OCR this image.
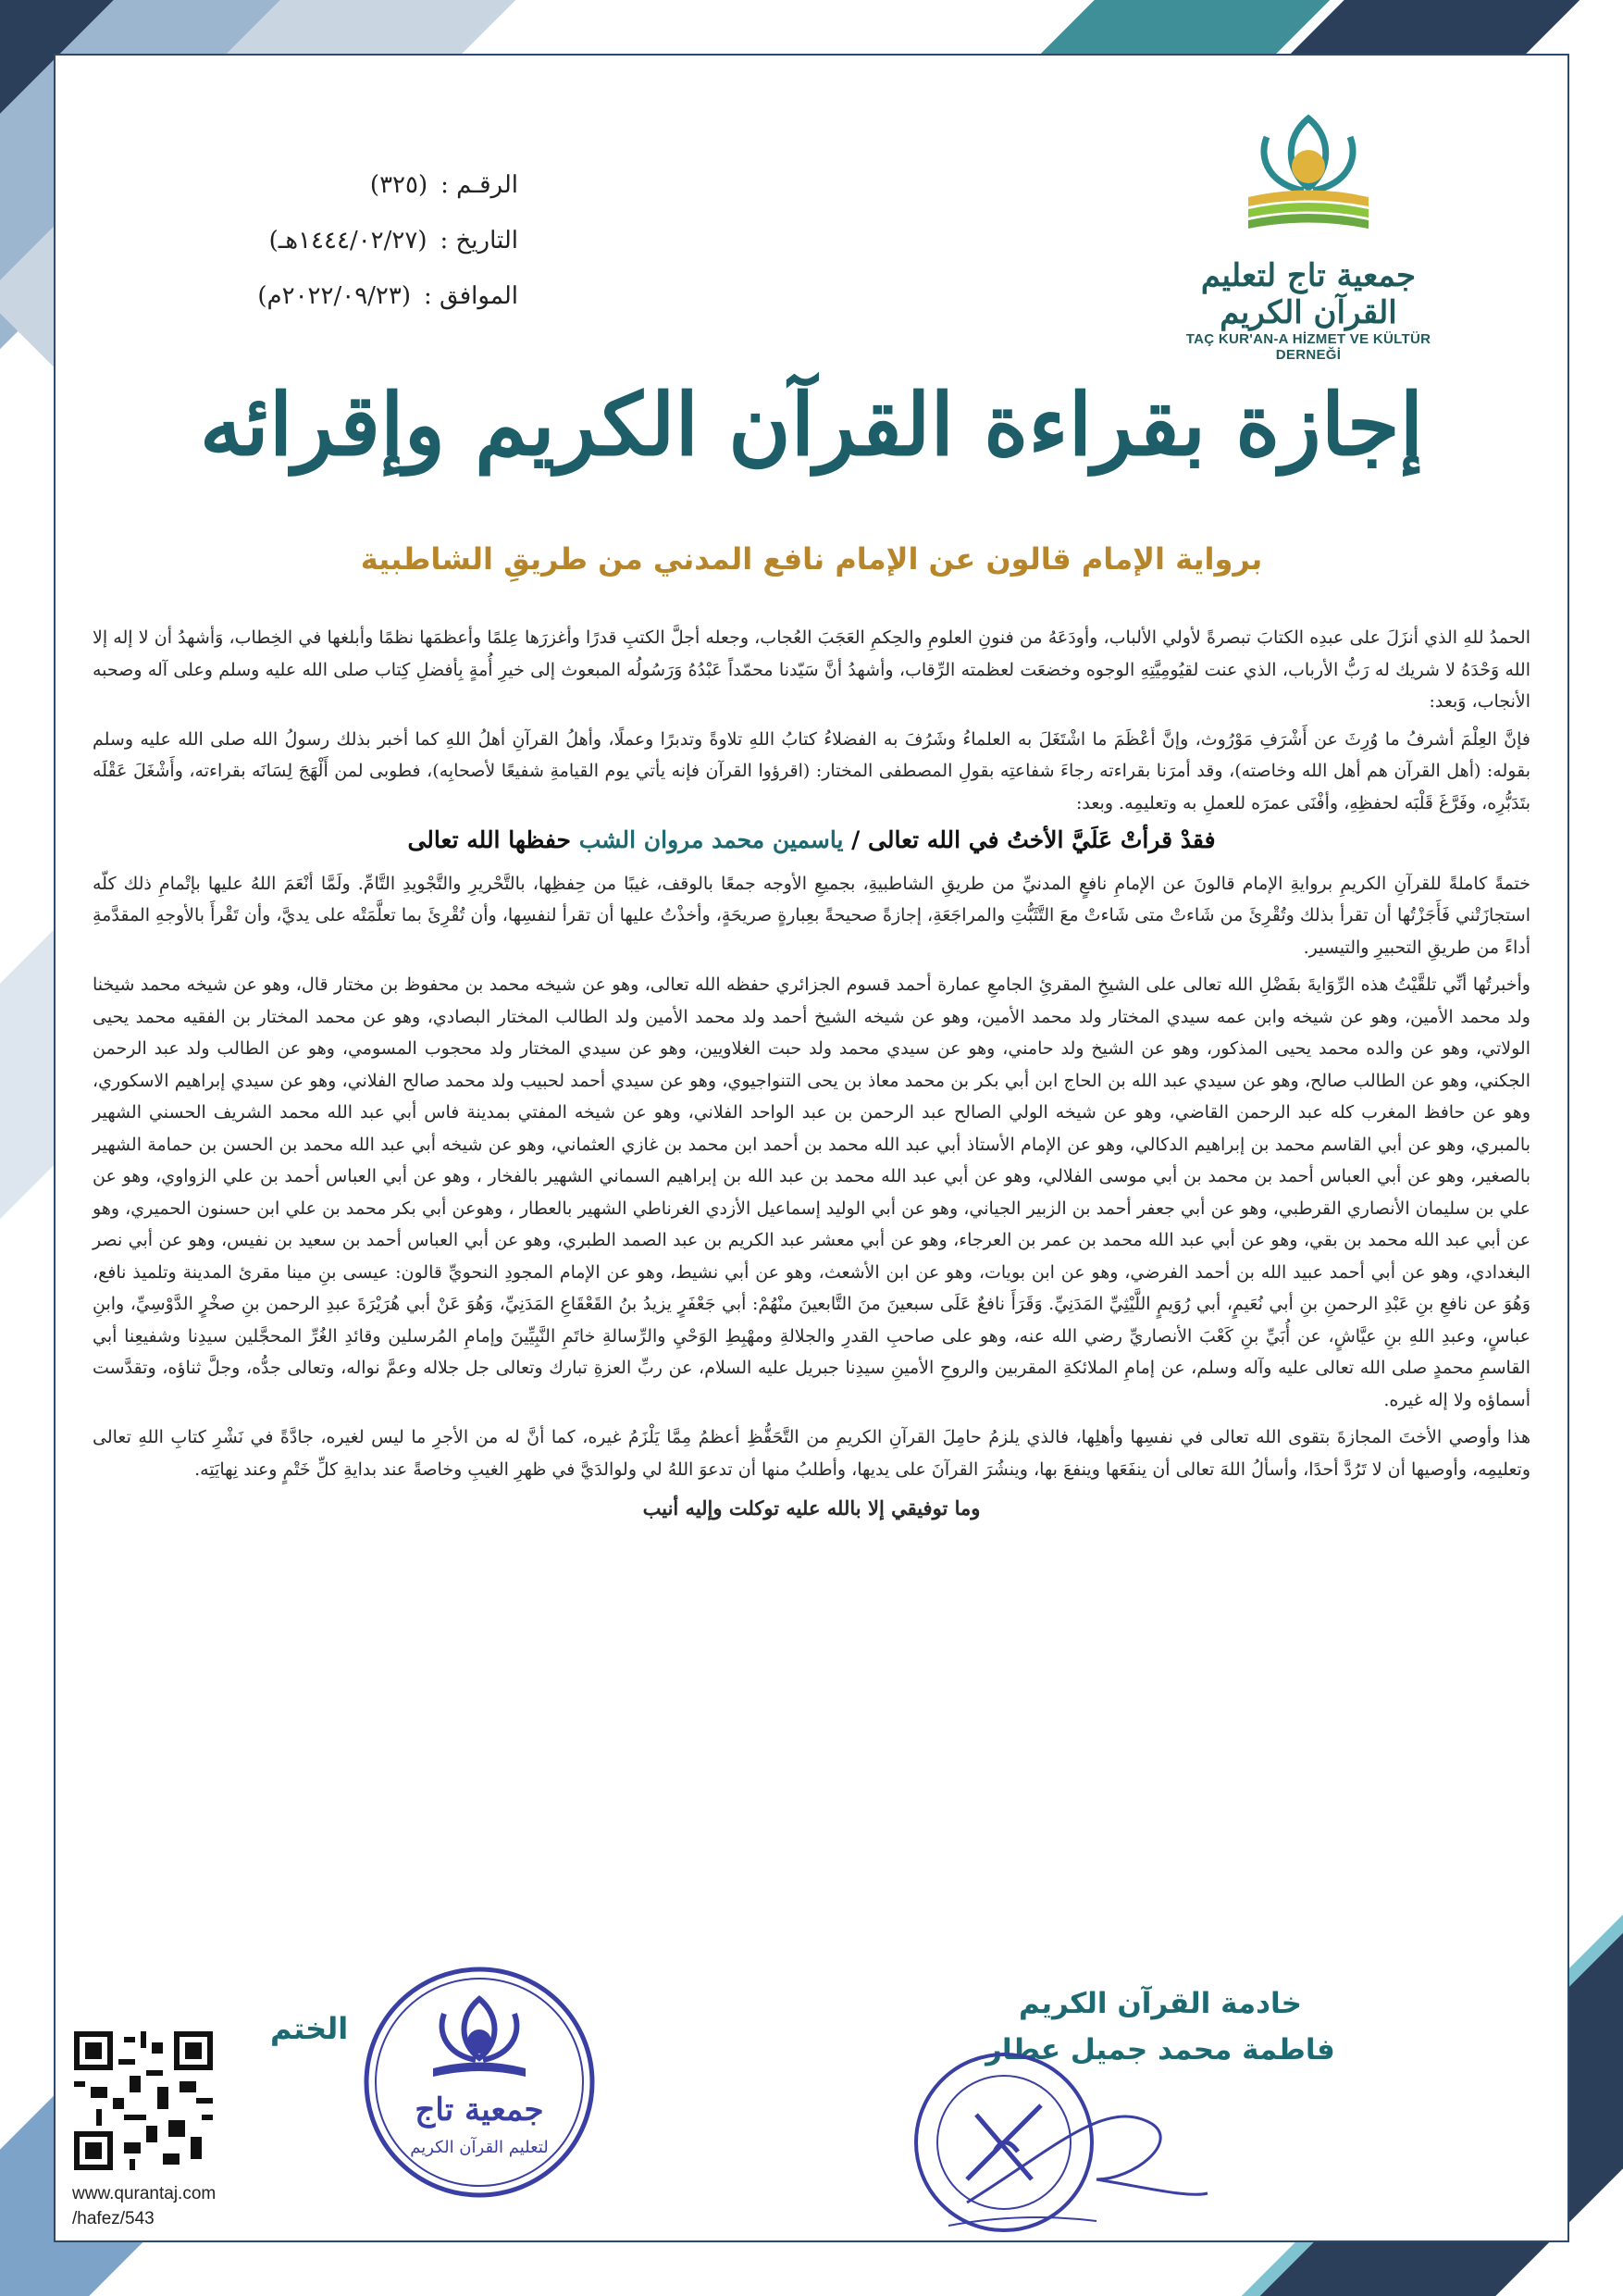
الرقـم :
(٣٢٥)
التاريخ :
(١٤٤٤/٠٢/٢٧هـ)
الموافق :
(٢٠٢٢/٠٩/٢٣م)
جمعية تاج لتعليم القرآن الكريم
TAÇ KUR'AN-A HİZMET VE KÜLTÜR DERNEĞİ
إجازة بقراءة القرآن الكريم وإقرائه
برواية الإمام قالون عن الإمام نافع المدني من طريقِ الشاطبية

الحمدُ للهِ الذي أنزَلَ على عبدِه الكتابَ تبصرةً لأولي الألباب، وأودَعَهُ من فنونِ العلومِ والحِكمِ العَجَبَ العُجاب، وجعله أجلَّ الكتبِ قدرًا وأغزرَها عِلمًا وأعظمَها نظمًا وأبلغها في الخِطاب، وَأشهدُ أن لا إله إلا الله وَحْدَهُ لا شريك له رَبُّ الأرباب، الذي عنت لقيُومِيَّتِهِ الوجوه وخضعَت لعظمته الرِّقاب، وأشهدُ أنَّ سَيّدنا محمّداً عَبْدُهُ وَرَسُولُه المبعوث إلى خيرِ أُمةٍ بِأفضلِ كِتاب صلى الله عليه وسلم وعلى آله وصحبه الأنجاب، وَبعد:

فإنَّ العِلْمَ أشرفُ ما وُرِثَ عن أَشْرَفِ مَوْرُوث، وإنَّ أعْظَمَ ما اشْتَغَلَ به العلماءُ وشَرُفَ به الفضلاءُ كتابُ اللهِ تلاوةً وتدبرًا وعملًا، وأهلُ القرآنِ أهلُ اللهِ كما أخبر بذلك رسولُ الله صلى الله عليه وسلم بقوله: (أهل القرآن هم أهل الله وخاصته)، وقد أمرَنا بقراءته رجاءَ شفاعتِه بقولِ المصطفى المختار: (اقرؤوا القرآن فإنه يأتي يوم القيامةِ شفيعًا لأصحابِه)، فطوبى لمن أَلْهَجَ لِسَانَه بقراءته، وأَشْغَلَ عَقْلَه بتَدَبُّرِه، وفَرَّغَ قَلْبَه لحفظِهِ، وأفْنَى عمرَه للعملِ به وتعليمِه. وبعد:

فقدْ قرأتْ عَلَيَّ الأختُ في الله تعالى / ياسمين محمد مروان الشب حفظها الله تعالى

ختمةً كاملةً للقرآنِ الكريمِ بروايةِ الإمام قالونَ عن الإمامِ نافعٍ المدنيِّ من طريقِ الشاطبيةِ، بجميعِ الأوجه جمعًا بالوقف، غيبًا من حِفظِها، بالتَّحْريرِ والتَّجْويدِ التَّامِّ. ولَمَّا أنْعَمَ اللهُ عليها بإتْمامِ ذلك كلّه استجازَتْني فَأَجَزْتُها أن تقرأ بذلك وتُقْرِئَ من شَاءتْ متى شَاءتْ معَ التَّثَبُّتِ والمراجَعَةِ، إجازةً صحيحةً بعِبارةٍ صريحَةٍ، وأخذْتُ عليها أن تقرأ لنفسِها، وأن تُقْرِئَ بما تعلَّمَتْه على يديَّ، وأن تَقْرأَ بالأوجهِ المقدَّمةِ أداءً من طريقِ التحبيرِ والتيسير.

وأخبرتُها أنِّي تلقَّيْتُ هذه الرِّوَايةَ بفَضْلِ الله تعالى على الشيخِ المقرئِ الجامعِ عمارة أحمد قسوم الجزائري حفظه الله تعالى، وهو عن شيخه محمد بن محفوظ بن مختار قال، وهو عن شيخه محمد شيخنا ولد محمد الأمين، وهو عن شيخه وابن عمه سيدي المختار ولد محمد الأمين، وهو عن شيخه الشيخ أحمد ولد محمد الأمين ولد الطالب المختار البصادي، وهو عن محمد المختار بن الفقيه محمد يحيى الولاتي، وهو عن والده محمد يحيى المذكور، وهو عن الشيخ ولد حامني، وهو عن سيدي محمد ولد حبت الغلاويين، وهو عن سيدي المختار ولد محجوب المسومي، وهو عن الطالب ولد عبد الرحمن الجكني، وهو عن الطالب صالح، وهو عن سيدي عبد الله بن الحاج ابن أبي بكر بن محمد معاذ بن يحى التنواجيوي، وهو عن سيدي أحمد لحبيب ولد محمد صالح الفلاني، وهو عن سيدي إبراهيم الاسكوري، وهو عن حافظ المغرب كله عبد الرحمن القاضي، وهو عن شيخه الولي الصالح عبد الرحمن بن عبد الواحد الفلاني، وهو عن شيخه المفتي بمدينة فاس أبي عبد الله محمد الشريف الحسني الشهير بالمبري، وهو عن أبي القاسم محمد بن إبراهيم الدكالي، وهو عن الإمام الأستاذ أبي عبد الله محمد بن أحمد ابن محمد بن غازي العثماني، وهو عن شيخه أبي عبد الله محمد بن الحسن بن حمامة الشهير بالصغير، وهو عن أبي العباس أحمد بن محمد بن أبي موسى الفلالي، وهو عن أبي عبد الله محمد بن عبد الله بن إبراهيم السماني الشهير بالفخار ، وهو عن أبي العباس أحمد بن علي الزواوي، وهو عن علي بن سليمان الأنصاري القرطبي، وهو عن أبي جعفر أحمد بن الزبير الجياني، وهو عن أبي الوليد إسماعيل الأزدي الغرناطي الشهير بالعطار ، وهوعن أبي بكر محمد بن علي ابن حسنون الحميري، وهو عن أبي عبد الله محمد بن بقي، وهو عن أبي عبد الله محمد بن عمر بن العرجاء، وهو عن أبي معشر عبد الكريم بن عبد الصمد الطبري، وهو عن أبي العباس أحمد بن سعيد بن نفيس، وهو عن أبي نصر البغدادي، وهو عن أبي أحمد عبيد الله بن أحمد الفرضي، وهو عن ابن بويات، وهو عن ابن الأشعث، وهو عن أبي نشيط، وهو عن الإمام المجودِ النحويِّ قالون: عيسى بنِ مينا مقرئ المدينة وتلميذ نافع، وَهُوَ عن نافعِ بنِ عَبْدِ الرحمنِ بنِ أبي نُعَيمٍ، أبي رُوَيمٍ اللَّيْثِيِّ المَدَنِيِّ. وَقَرَأَ نافعٌ عَلَى سبعينَ منَ التَّابعينَ منْهُمْ: أبي جَعْفَرٍ يزيدُ بنُ القَعْقَاعِ المَدَنِيِّ، وَهُوَ عَنْ أبي هُرَيْرَةَ عبدِ الرحمن بنِ صخْرٍ الدَّوْسِيِّ، وابنِ عباسٍ، وعبدِ اللهِ بنِ عيَّاشٍ، عن أُبَيِّ بنِ كَعْبَ الأنصاريِّ رضي الله عنه، وهو على صاحبِ القدرِ والجلالةِ ومهْبِطِ الوَحْيِ والرِّسالةِ خاتَمِ النَّبِيِّينَ وإمامِ المُرسلين وقائدِ الغُرِّ المحجَّلين سيدِنا وشفيعِنا أبي القاسمِ محمدٍ صلى الله تعالى عليه وآله وسلم، عن إمامِ الملائكةِ المقربين والروحِ الأمينِ سيدِنا جبريل عليه السلام، عن ربِّ العزةِ تبارك وتعالى جل جلاله وعمَّ نواله، وتعالى جدُّه، وجلَّ ثناؤه، وتقدَّست أسماؤه ولا إله غيره.

هذا وأوصي الأختَ المجازةَ بتقوى الله تعالى في نفسِها وأهلِها، فالذي يلزمُ حامِلَ القرآنِ الكريمِ من التَّحَفُّظِ أعظمُ مِمَّا يَلْزَمُ غيره، كما أنَّ له من الأجرِ ما ليس لغيره، جادَّةً في نَشْرِ كتابِ اللهِ تعالى وتعليمِه، وأوصيها أن لا تَرُدَّ أحدًا، وأسألُ اللهَ تعالى أن ينفَعَها وينفعَ بها، وينشُرَ القرآنَ على يديها، وأطلبُ منها أن تدعوَ اللهُ لي ولوالدَيَّ في ظهرِ الغيبِ وخاصةً عند بدايةِ كلِّ خَتْمٍ وعند نِهايَتِه.

وما توفيقي إلا بالله عليه توكلت وإليه أنيب
خادمة القرآن الكريم
فاطمة محمد جميل عطار
الختم
جمعية تاج
لتعليم القرآن الكريم
www.qurantaj.com
/hafez/543
